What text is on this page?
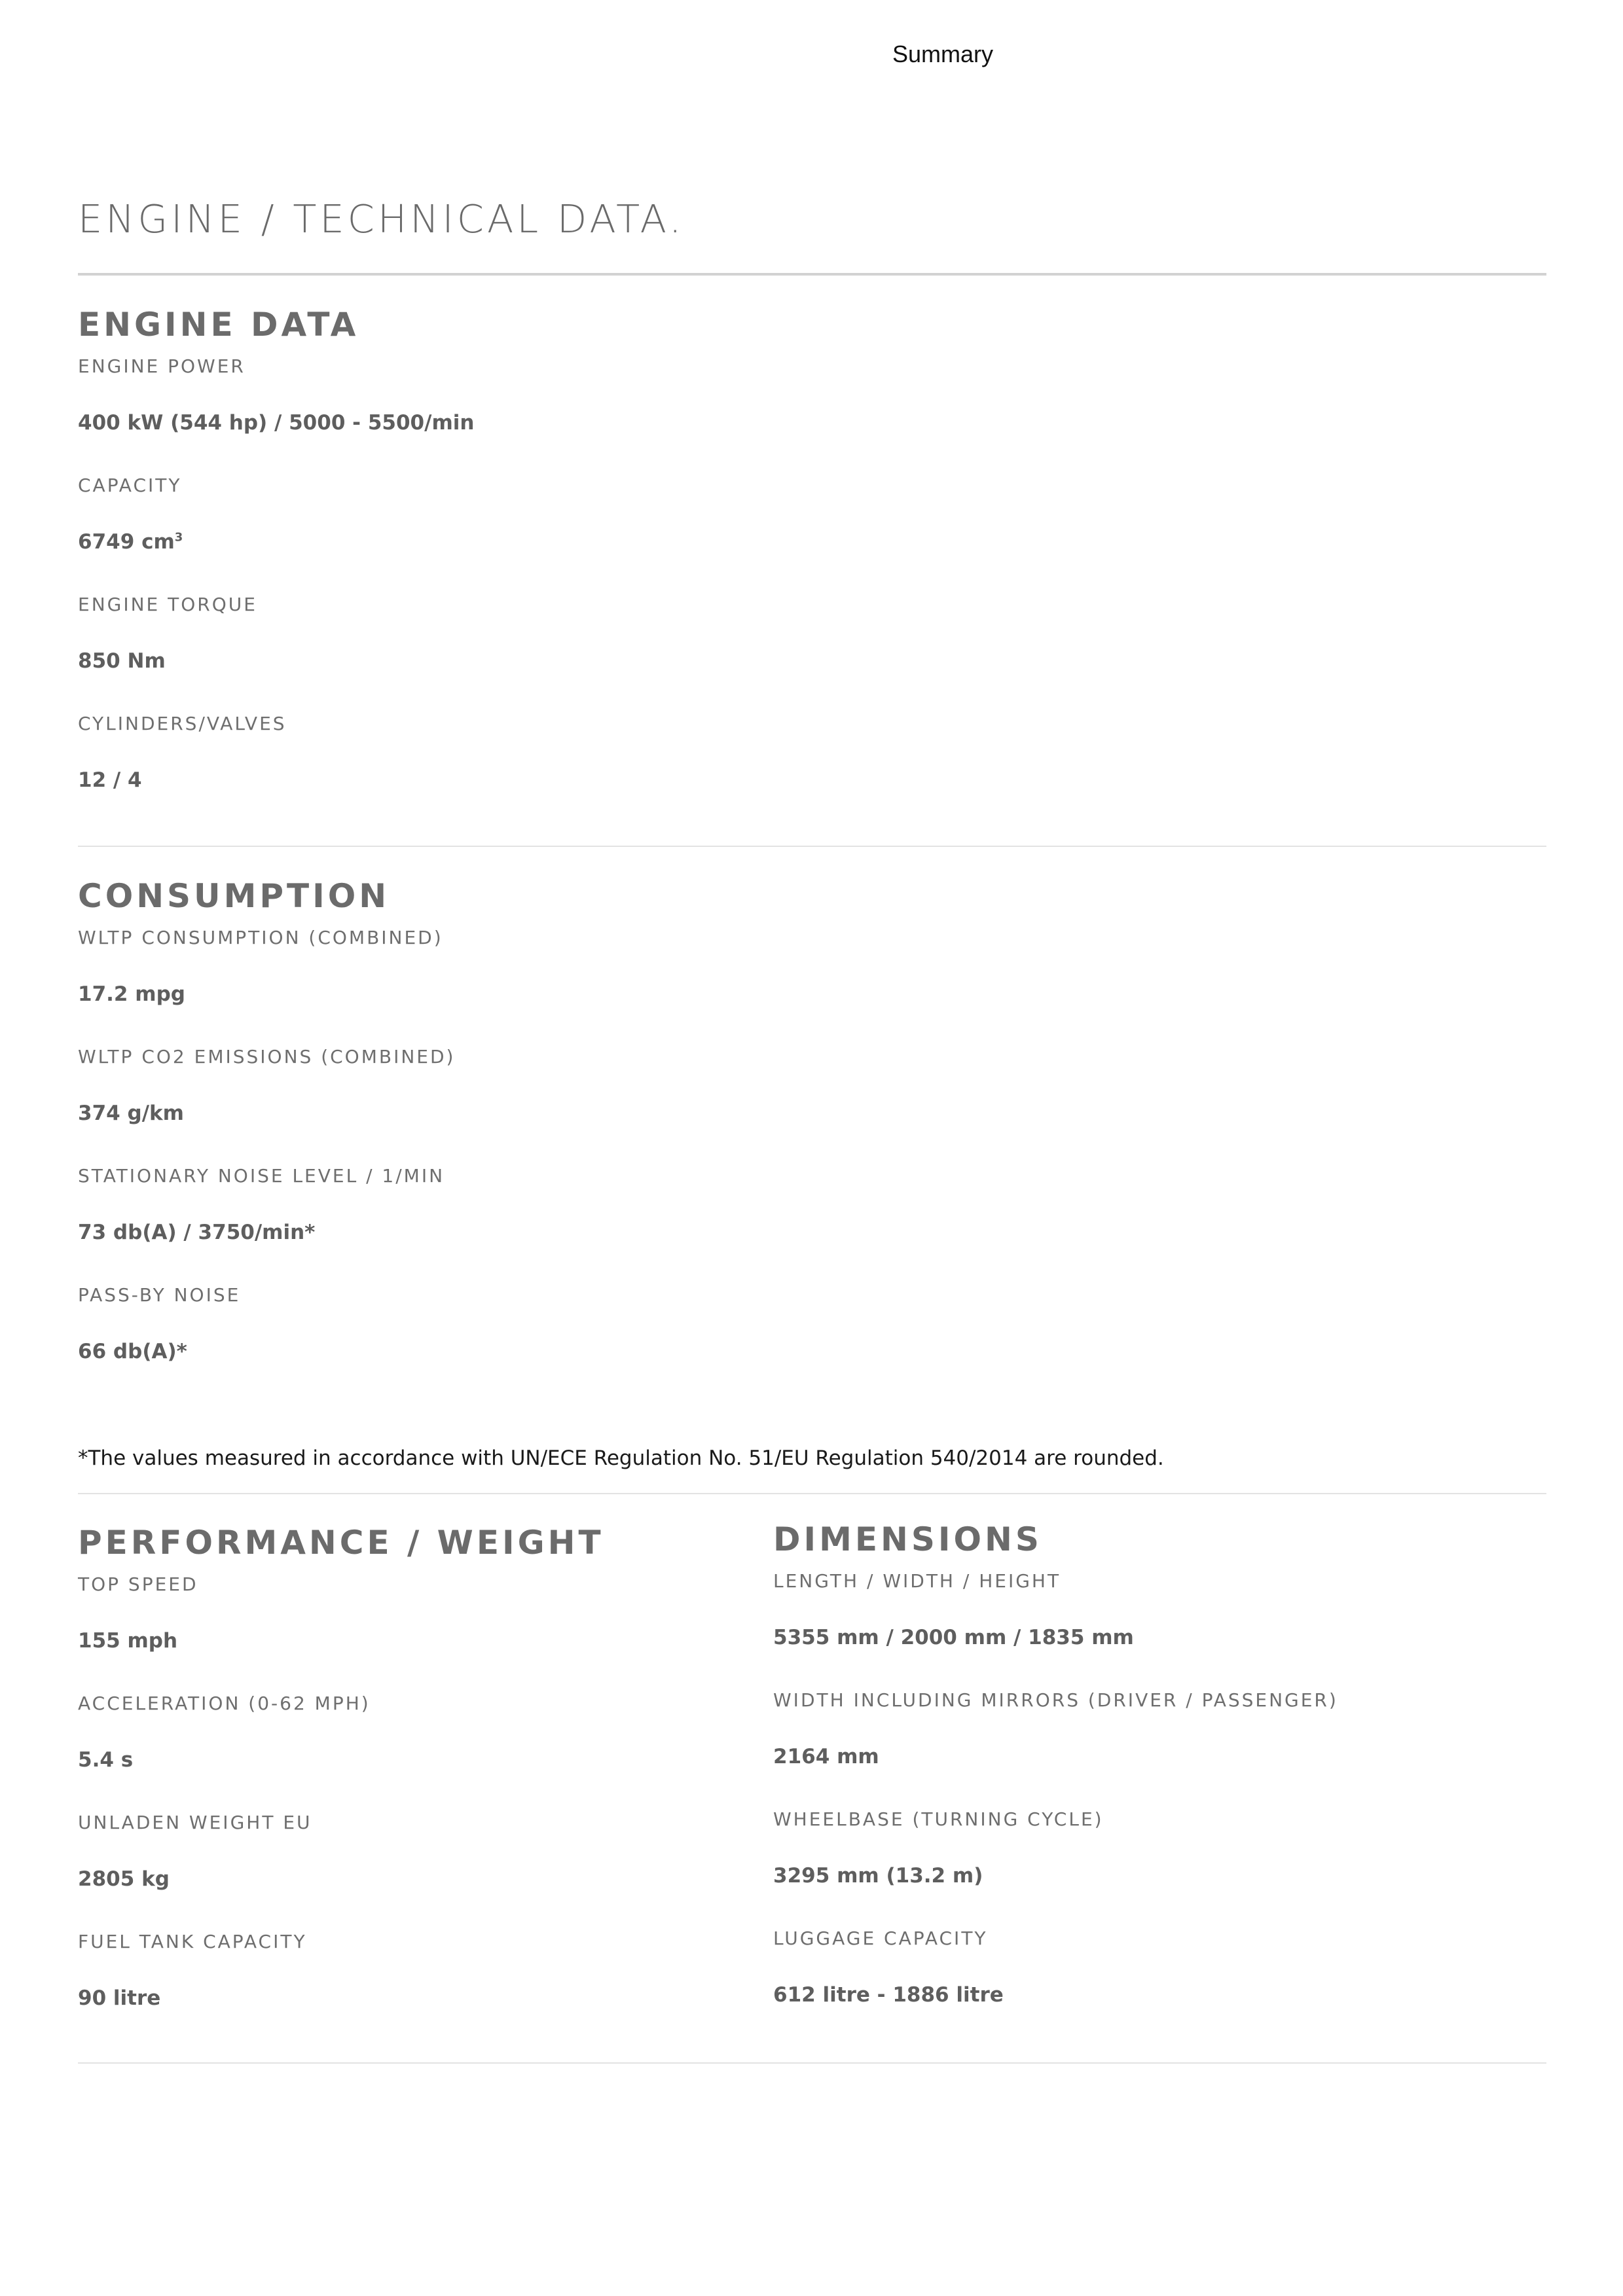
Summary
ENGINE / TECHNICAL DATA.
ENGINE DATA
ENGINE POWER
400 kW (544 hp) / 5000 - 5500/min
CAPACITY
6749 $cm^3$
ENGINE TORQUE
850 Nm
CYLINDERS/VALVES
12 / 4
CONSUMPTION
WLTP CONSUMPTION (COMBINED)
17.2 mpg
WLTP CO2 EMISSIONS (COMBINED)
374 g/km
STATIONARY NOISE LEVEL / 1/MIN
73 db(A) / 3750/min*
PASS-BY NOISE
66 db(A)*
*The values measured in accordance with UN/ECE Regulation No. 51/EU Regulation 540/2014 are rounded.
PERFORMANCE / WEIGHT
TOP SPEED
155 mph
ACCELERATION (0-62 MPH)
5.4 s
UNLADEN WEIGHT EU
2805 kg
FUEL TANK CAPACITY
90 litre
DIMENSIONS
LENGTH / WIDTH / HEIGHT
5355 mm / 2000 mm / 1835 mm
WIDTH INCLUDING MIRRORS (DRIVER / PASSENGER)
2164 mm
WHEELBASE (TURNING CYCLE)
3295 mm (13.2 m)
LUGGAGE CAPACITY
612 litre - 1886 litre
